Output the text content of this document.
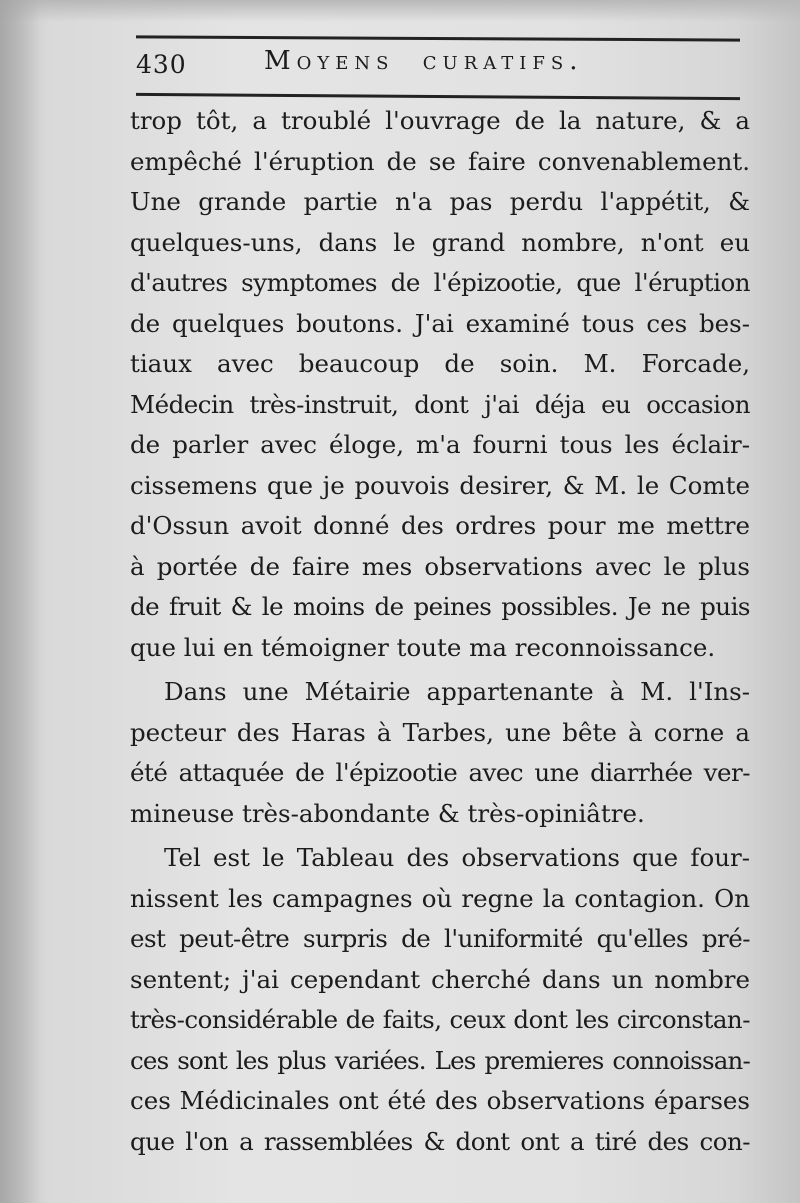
430	Moyens curatifs.
trop tôt, a troublé l'ouvrage de la nature, & a
empêché l'éruption de se faire convenablement.
Une grande partie n'a pas perdu l'appétit, &
quelques-uns, dans le grand nombre, n'ont eu
d'autres symptomes de l'épizootie, que l'éruption
de quelques boutons. J'ai examiné tous ces bes-
tiaux avec beaucoup de soin. M. Forcade,
Médecin très-instruit, dont j'ai déja eu occasion
de parler avec éloge, m'a fourni tous les éclair-
cissemens que je pouvois desirer, & M. le Comte
d'Ossun avoit donné des ordres pour me mettre
à portée de faire mes observations avec le plus
de fruit & le moins de peines possibles. Je ne puis
que lui en témoigner toute ma reconnoissance.
Dans une Métairie appartenante à M. l'Ins-
pecteur des Haras à Tarbes, une bête à corne a
été attaquée de l'épizootie avec une diarrhée ver-
mineuse très-abondante & très-opiniâtre.
Tel est le Tableau des observations que four-
nissent les campagnes où regne la contagion. On
est peut-être surpris de l'uniformité qu'elles pré-
sentent; j'ai cependant cherché dans un nombre
très-considérable de faits, ceux dont les circonstan-
ces sont les plus variées. Les premieres connoissan-
ces Médicinales ont été des observations éparses
que l'on a rassemblées & dont ont a tiré des con-
